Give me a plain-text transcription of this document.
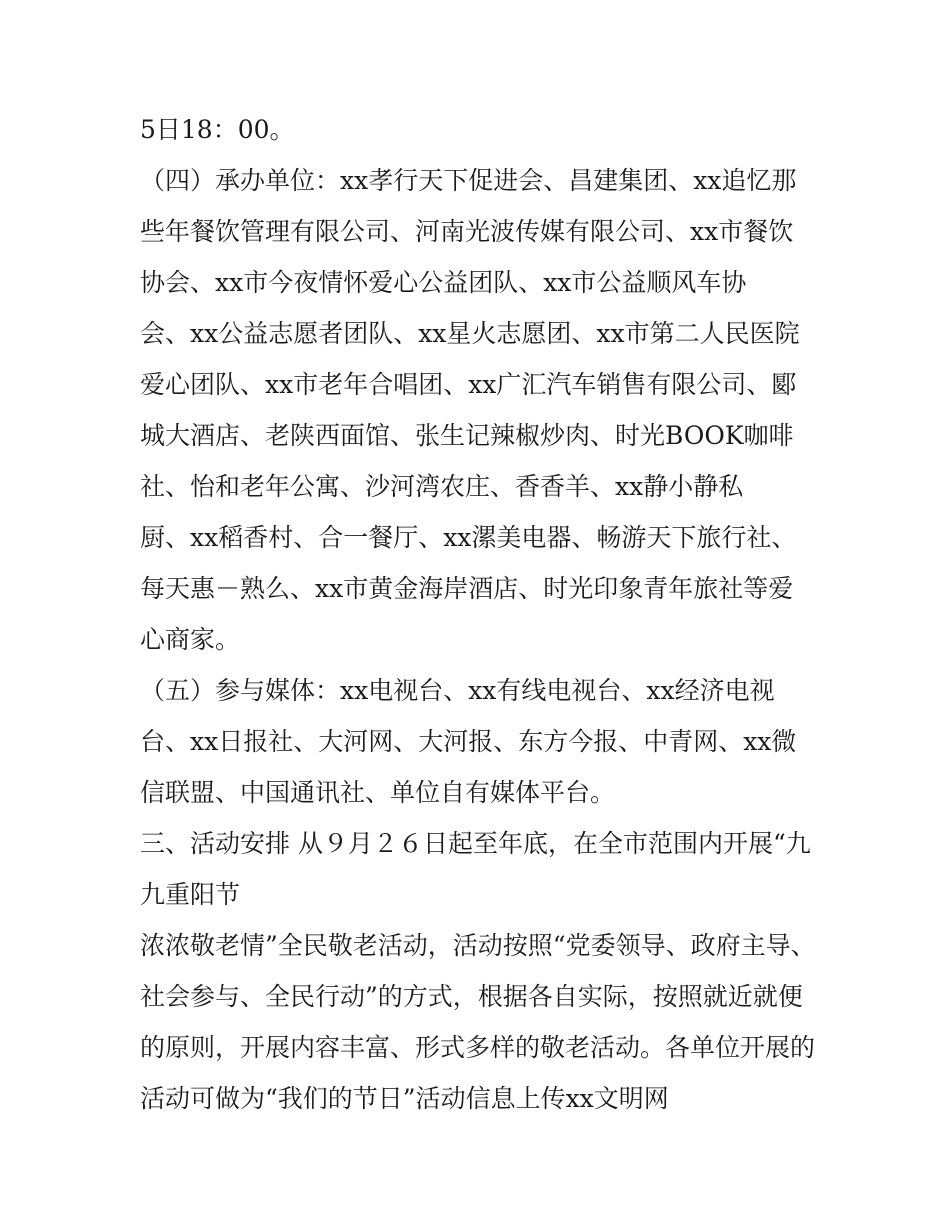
5日18：00。
（四）承办单位：xx孝行天下促进会、昌建集团、xx追忆那
些年餐饮管理有限公司、河南光波传媒有限公司、xx市餐饮
协会、xx市今夜情怀爱心公益团队、xx市公益顺风车协
会、xx公益志愿者团队、xx星火志愿团、xx市第二人民医院
爱心团队、xx市老年合唱团、xx广汇汽车销售有限公司、郾
城大酒店、老陕西面馆、张生记辣椒炒肉、时光BOOK咖啡
社、怡和老年公寓、沙河湾农庄、香香羊、xx静小静私
厨、xx稻香村、合一餐厅、xx漯美电器、畅游天下旅行社、
每天惠－熟么、xx市黄金海岸酒店、时光印象青年旅社等爱
心商家。
（五）参与媒体：xx电视台、xx有线电视台、xx经济电视
台、xx日报社、大河网、大河报、东方今报、中青网、xx微
信联盟、中国通讯社、单位自有媒体平台。
三、活动安排 从９月２６日起至年底，在全市范围内开展“九
九重阳节
浓浓敬老情”全民敬老活动，活动按照“党委领导、政府主导、
社会参与、全民行动”的方式，根据各自实际，按照就近就便
的原则，开展内容丰富、形式多样的敬老活动。各单位开展的
活动可做为“我们的节日”活动信息上传xx文明网
